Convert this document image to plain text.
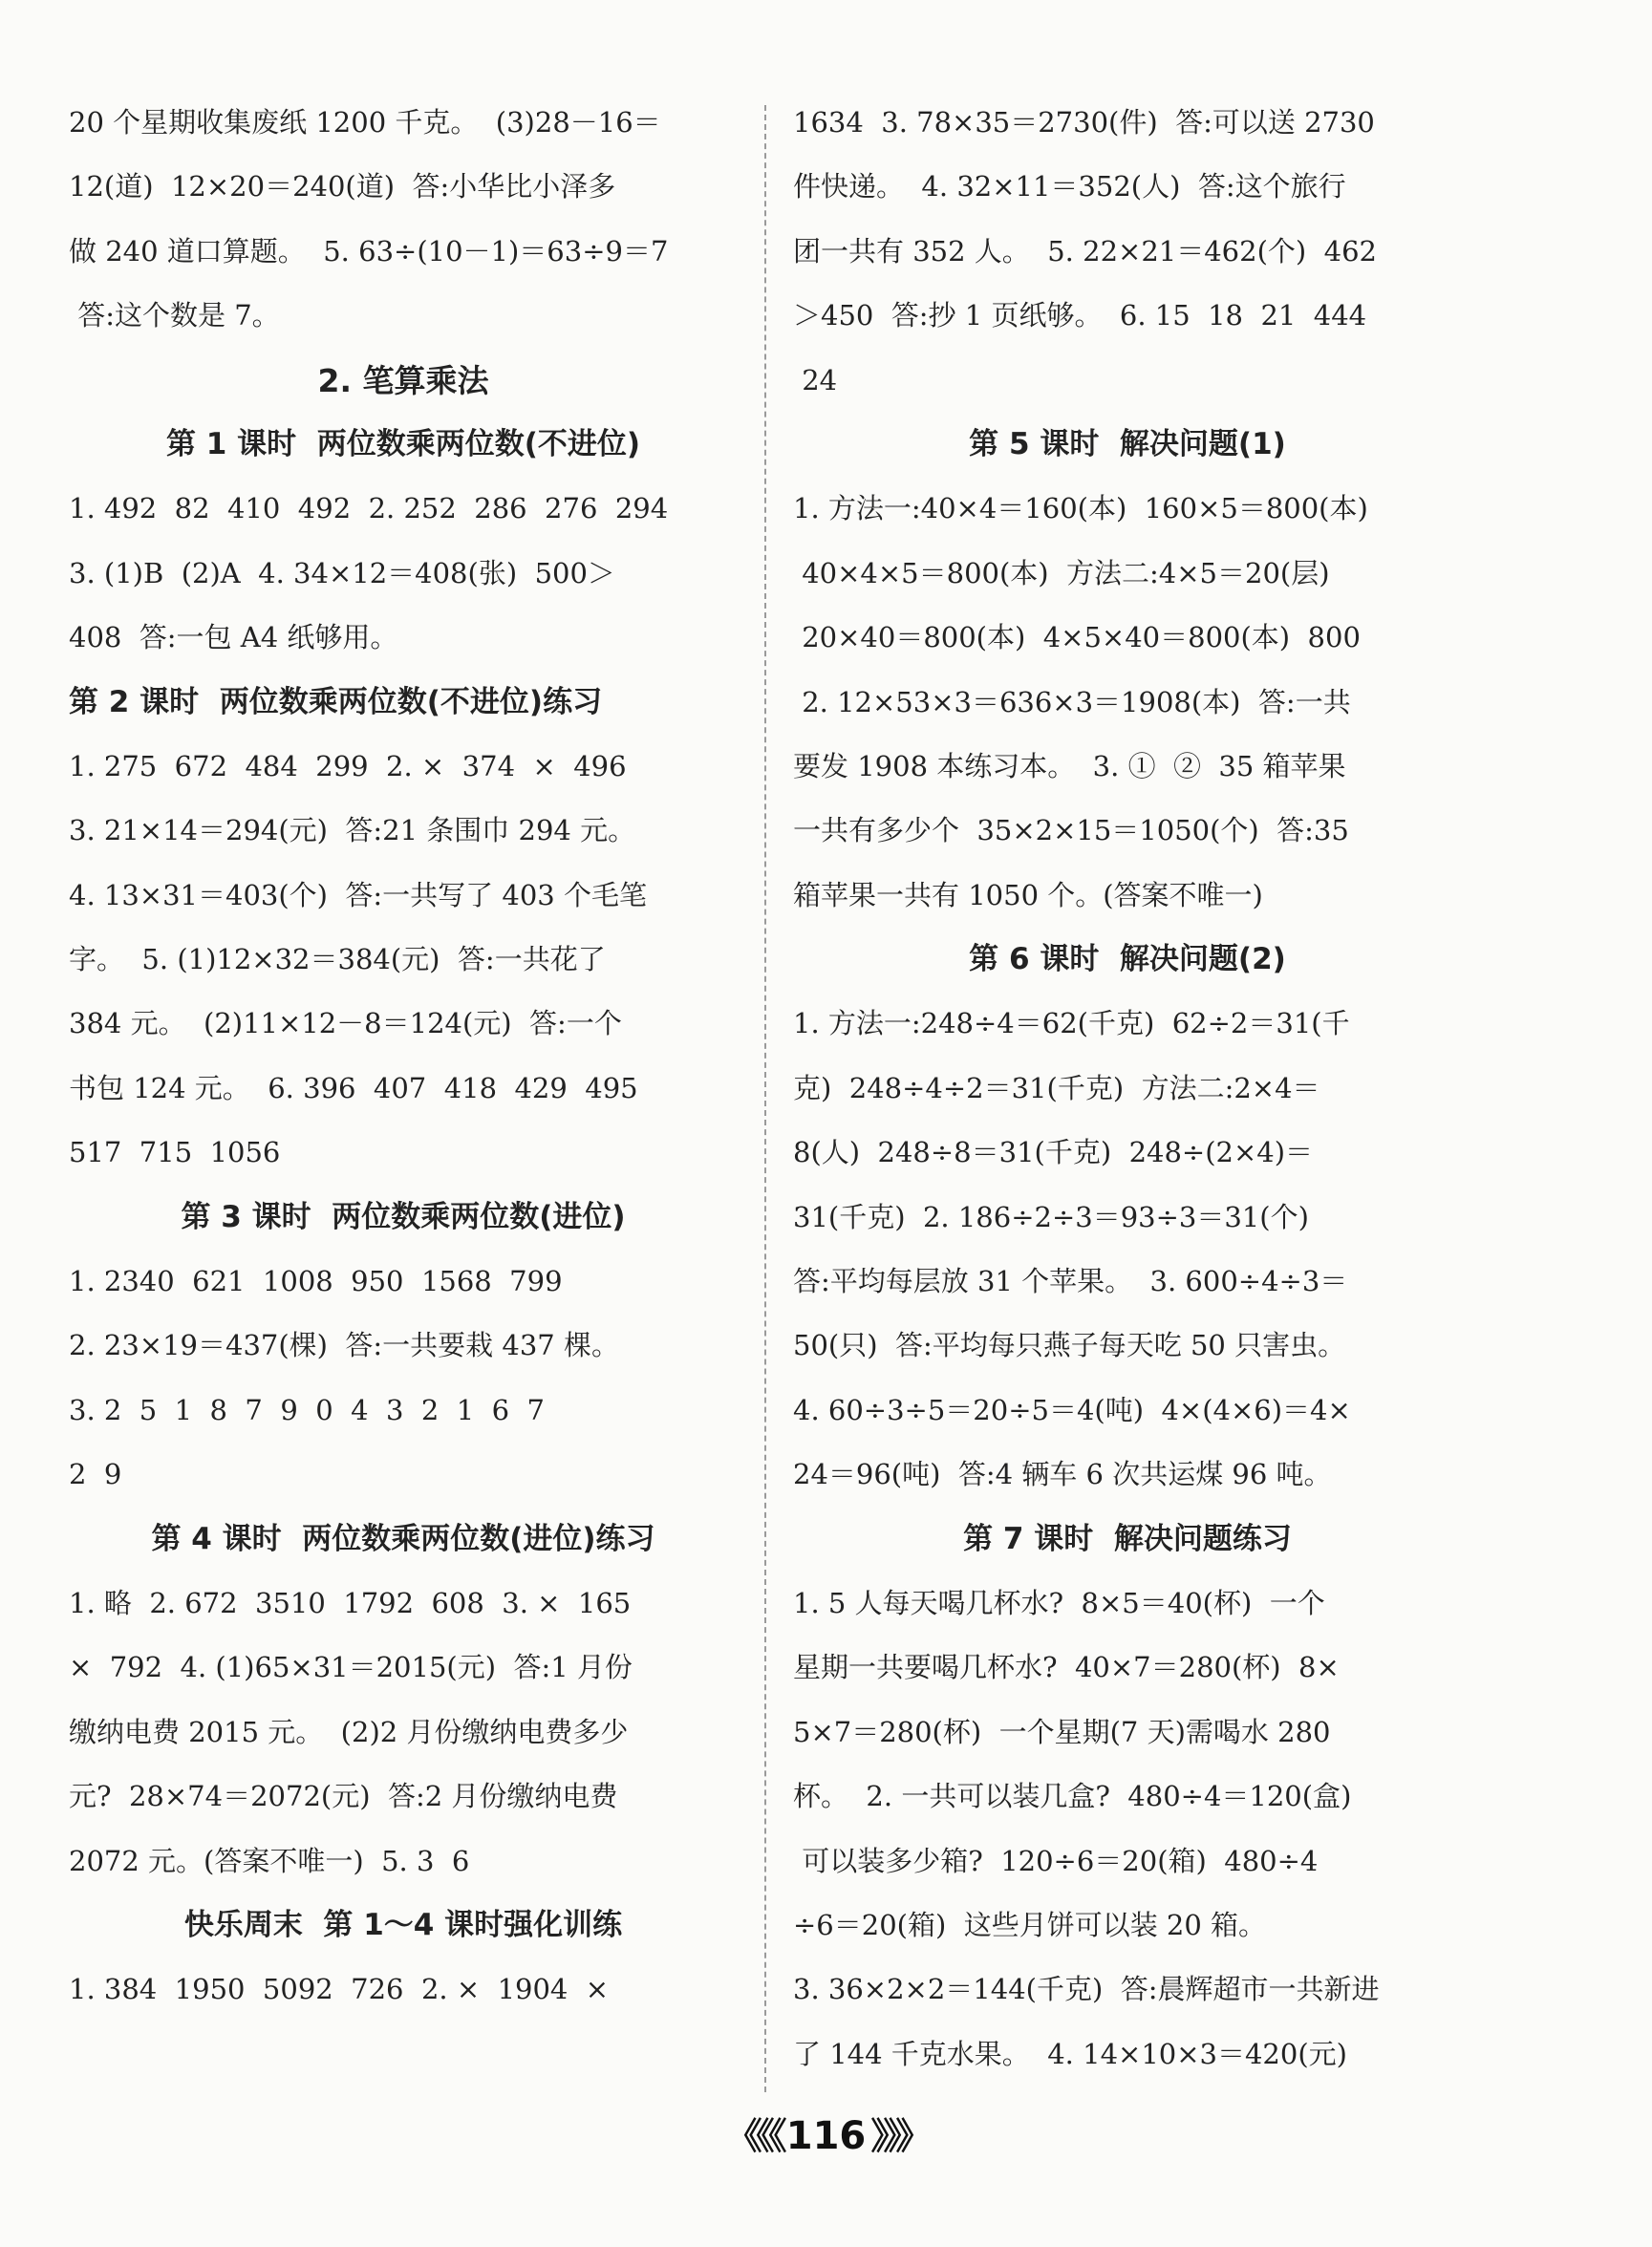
20 个星期收集废纸 1200 千克。  (3)28－16＝
12(道)  12×20＝240(道)  答:小华比小泽多
做 240 道口算题。  5. 63÷(10－1)＝63÷9＝7
答:这个数是 7。
2. 笔算乘法
第 1 课时  两位数乘两位数(不进位)
1. 492  82  410  492  2. 252  286  276  294
3. (1)B  (2)A  4. 34×12＝408(张)  500＞
408  答:一包 A4 纸够用。
第 2 课时  两位数乘两位数(不进位)练习
1. 275  672  484  299  2. ×  374  ×  496
3. 21×14＝294(元)  答:21 条围巾 294 元。
4. 13×31＝403(个)  答:一共写了 403 个毛笔
字。  5. (1)12×32＝384(元)  答:一共花了
384 元。  (2)11×12－8＝124(元)  答:一个
书包 124 元。  6. 396  407  418  429  495
517  715  1056
第 3 课时  两位数乘两位数(进位)
1. 2340  621  1008  950  1568  799
2. 23×19＝437(棵)  答:一共要栽 437 棵。
3. 2  5  1  8  7  9  0  4  3  2  1  6  7
2  9
第 4 课时  两位数乘两位数(进位)练习
1. 略  2. 672  3510  1792  608  3. ×  165
×  792  4. (1)65×31＝2015(元)  答:1 月份
缴纳电费 2015 元。  (2)2 月份缴纳电费多少
元?  28×74＝2072(元)  答:2 月份缴纳电费
2072 元。(答案不唯一)  5. 3  6
快乐周末  第 1～4 课时强化训练
1. 384  1950  5092  726  2. ×  1904  ×
1634  3. 78×35＝2730(件)  答:可以送 2730
件快递。  4. 32×11＝352(人)  答:这个旅行
团一共有 352 人。  5. 22×21＝462(个)  462
＞450  答:抄 1 页纸够。  6. 15  18  21  444
24
第 5 课时  解决问题(1)
1. 方法一:40×4＝160(本)  160×5＝800(本)
40×4×5＝800(本)  方法二:4×5＝20(层)
20×40＝800(本)  4×5×40＝800(本)  800
2. 12×53×3＝636×3＝1908(本)  答:一共
要发 1908 本练习本。  3. ①  ②  35 箱苹果
一共有多少个  35×2×15＝1050(个)  答:35
箱苹果一共有 1050 个。(答案不唯一)
第 6 课时  解决问题(2)
1. 方法一:248÷4＝62(千克)  62÷2＝31(千
克)  248÷4÷2＝31(千克)  方法二:2×4＝
8(人)  248÷8＝31(千克)  248÷(2×4)＝
31(千克)  2. 186÷2÷3＝93÷3＝31(个)
答:平均每层放 31 个苹果。  3. 600÷4÷3＝
50(只)  答:平均每只燕子每天吃 50 只害虫。
4. 60÷3÷5＝20÷5＝4(吨)  4×(4×6)＝4×
24＝96(吨)  答:4 辆车 6 次共运煤 96 吨。
第 7 课时  解决问题练习
1. 5 人每天喝几杯水?  8×5＝40(杯)  一个
星期一共要喝几杯水?  40×7＝280(杯)  8×
5×7＝280(杯)  一个星期(7 天)需喝水 280
杯。  2. 一共可以装几盒?  480÷4＝120(盒)
可以装多少箱?  120÷6＝20(箱)  480÷4
÷6＝20(箱)  这些月饼可以装 20 箱。
3. 36×2×2＝144(千克)  答:晨辉超市一共新进
了 144 千克水果。  4. 14×10×3＝420(元)
《《《 116 》》》
